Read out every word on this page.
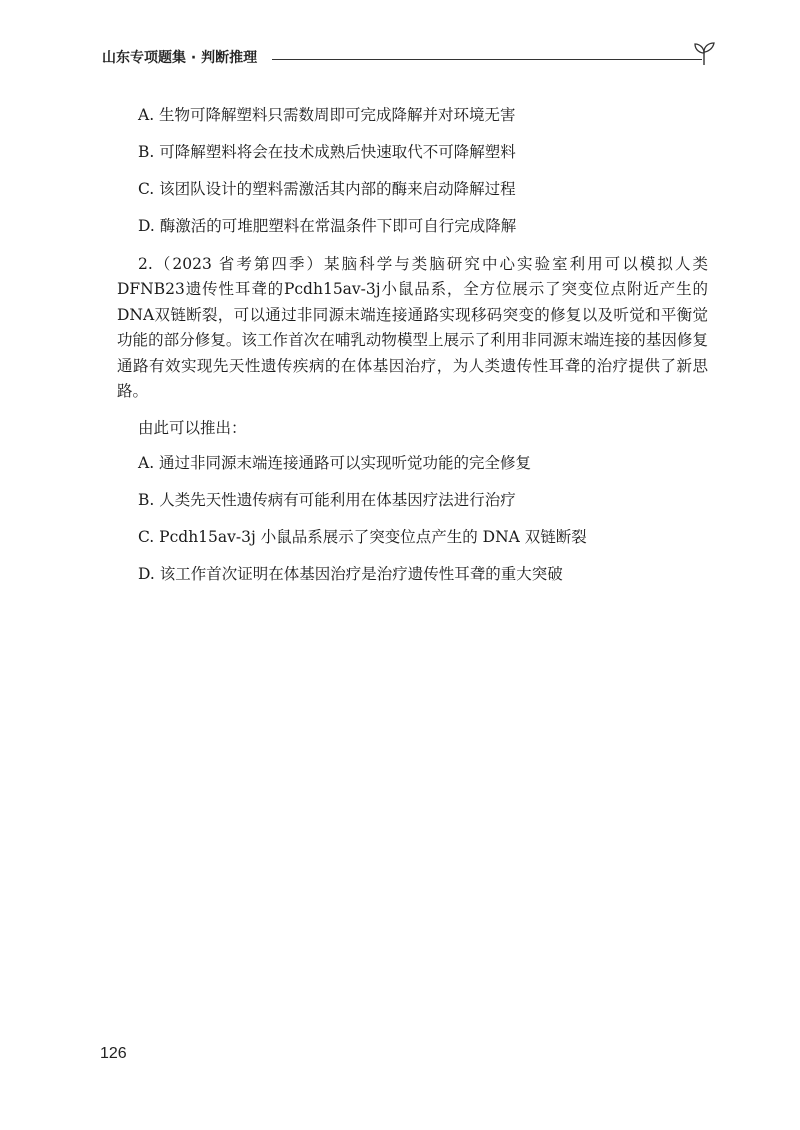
山东专项题集 · 判断推理
A. 生物可降解塑料只需数周即可完成降解并对环境无害
B. 可降解塑料将会在技术成熟后快速取代不可降解塑料
C. 该团队设计的塑料需激活其内部的酶来启动降解过程
D. 酶激活的可堆肥塑料在常温条件下即可自行完成降解
2.（2023 省考第四季）某脑科学与类脑研究中心实验室利用可以模拟人类DFNB23遗传性耳聋的Pcdh15av-3j小鼠品系，全方位展示了突变位点附近产生的DNA双链断裂，可以通过非同源末端连接通路实现移码突变的修复以及听觉和平衡觉功能的部分修复。该工作首次在哺乳动物模型上展示了利用非同源末端连接的基因修复通路有效实现先天性遗传疾病的在体基因治疗，为人类遗传性耳聋的治疗提供了新思路。
由此可以推出：
A. 通过非同源末端连接通路可以实现听觉功能的完全修复
B. 人类先天性遗传病有可能利用在体基因疗法进行治疗
C. Pcdh15av-3j 小鼠品系展示了突变位点产生的 DNA 双链断裂
D. 该工作首次证明在体基因治疗是治疗遗传性耳聋的重大突破
126
